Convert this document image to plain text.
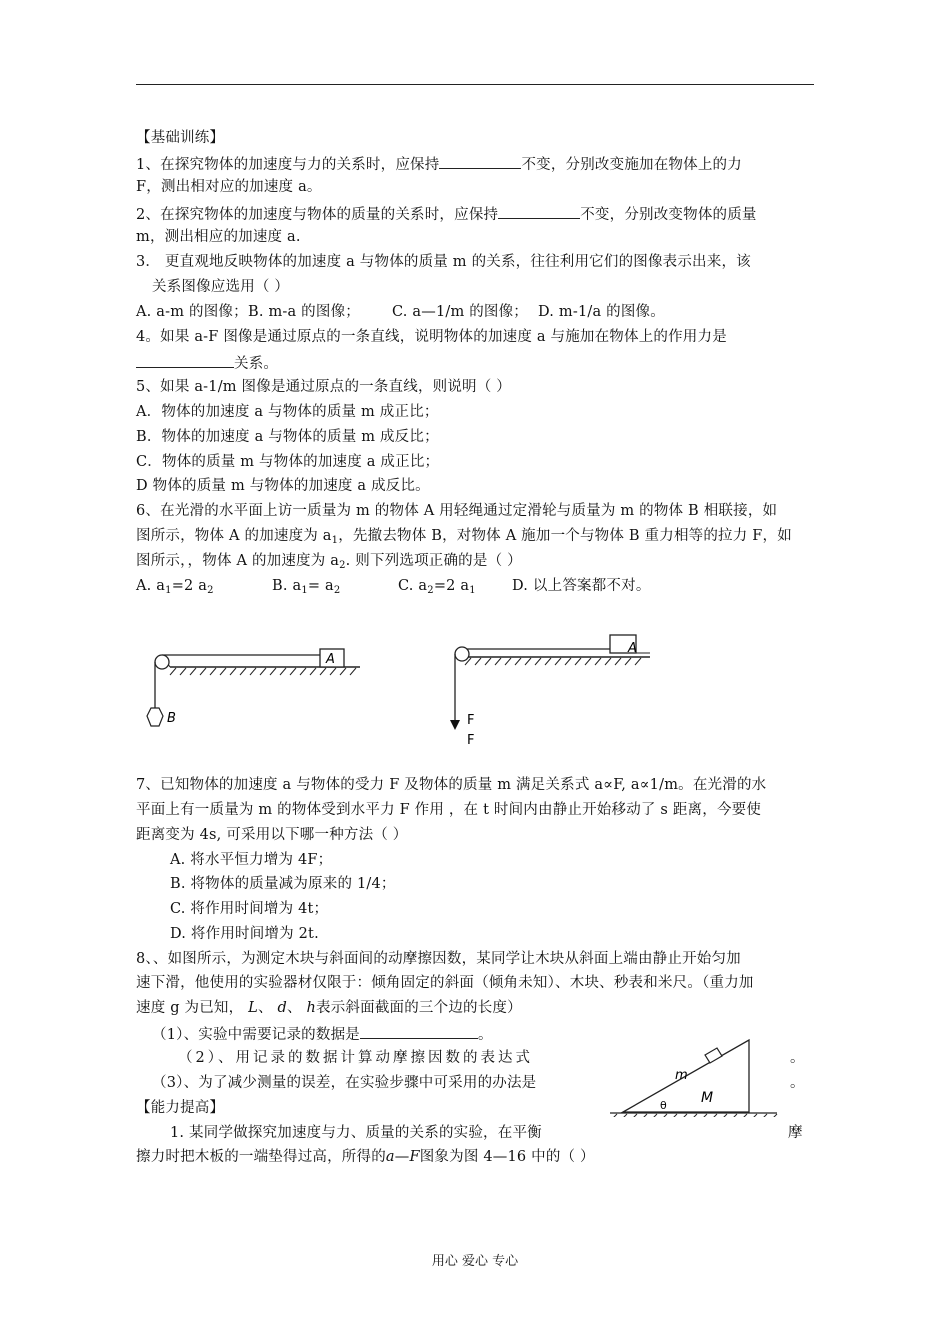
【基础训练】
1、在探究物体的加速度与力的关系时，应保持	不变，分别改变施加在物体上的力
F，测出相对应的加速度 a。
2、在探究物体的加速度与物体的质量的关系时，应保持	不变，分别改变物体的质量
m，测出相应的加速度 a.
3． 更直观地反映物体的加速度 a 与物体的质量 m 的关系，往往利用它们的图像表示出来，该
关系图像应选用（ ）
A. a-m 的图像；B. m-a 的图像； C. a—1/m 的图像； D. m-1/a 的图像。
4。如果 a-F 图像是通过原点的一条直线，说明物体的加速度 a 与施加在物体上的作用力是
关系。
5、如果 a-1/m 图像是通过原点的一条直线，则说明（ ）
A．物体的加速度 a 与物体的质量 m 成正比；
B．物体的加速度 a 与物体的质量 m 成反比；
C．物体的质量 m 与物体的加速度 a 成正比；
D 物体的质量 m 与物体的加速度 a 成反比。
6、在光滑的水平面上访一质量为 m 的物体 A 用轻绳通过定滑轮与质量为 m 的物体 B 相联接，如
图所示，物体 A 的加速度为 $a_1$，先撤去物体 B，对物体 A 施加一个与物体 B 重力相等的拉力 F，如
图所示，，物体 A 的加速度为 $a_2$. 则下列选项正确的是（ ）
A. $a_1=2$ $a_2$	B. $a_1= a_2$	C. $a_2=2$ $a_1$ D. 以上答案都不对。
A
B
A
F
F
7、已知物体的加速度 a 与物体的受力 F 及物体的质量 m 满足关系式 a∝F, a∝1/m。在光滑的水
平面上有一质量为 m 的物体受到水平力 F 作用 ，在 t 时间内由静止开始移动了 s 距离，今要使
距离变为 4s, 可采用以下哪一种方法（ ）
A. 将水平恒力增为 4F；
B. 将物体的质量减为原来的 1/4；
C. 将作用时间增为 4t；
D. 将作用时间增为 2t.
8、、如图所示，为测定木块与斜面间的动摩擦因数，某同学让木块从斜面上端由静止开始匀加
速下滑，他使用的实验器材仅限于：倾角固定的斜面（倾角未知）、木块、秒表和米尺。（重力加
速度 g 为已知， L、 d、 h表示斜面截面的三个边的长度）
（1）、实验中需要记录的数据是	。
（2）、用记录的数据计算动摩擦因数的表达式	。
（3）、为了减少测量的误差，在实验步骤中可采用的办法是	。
m
M
θ
【能力提高】
1. 某同学做探究加速度与力、质量的关系的实验，在平衡	摩
擦力时把木板的一端垫得过高，所得的a—F图象为图 4—16 中的（ ）
用心 爱心 专心
